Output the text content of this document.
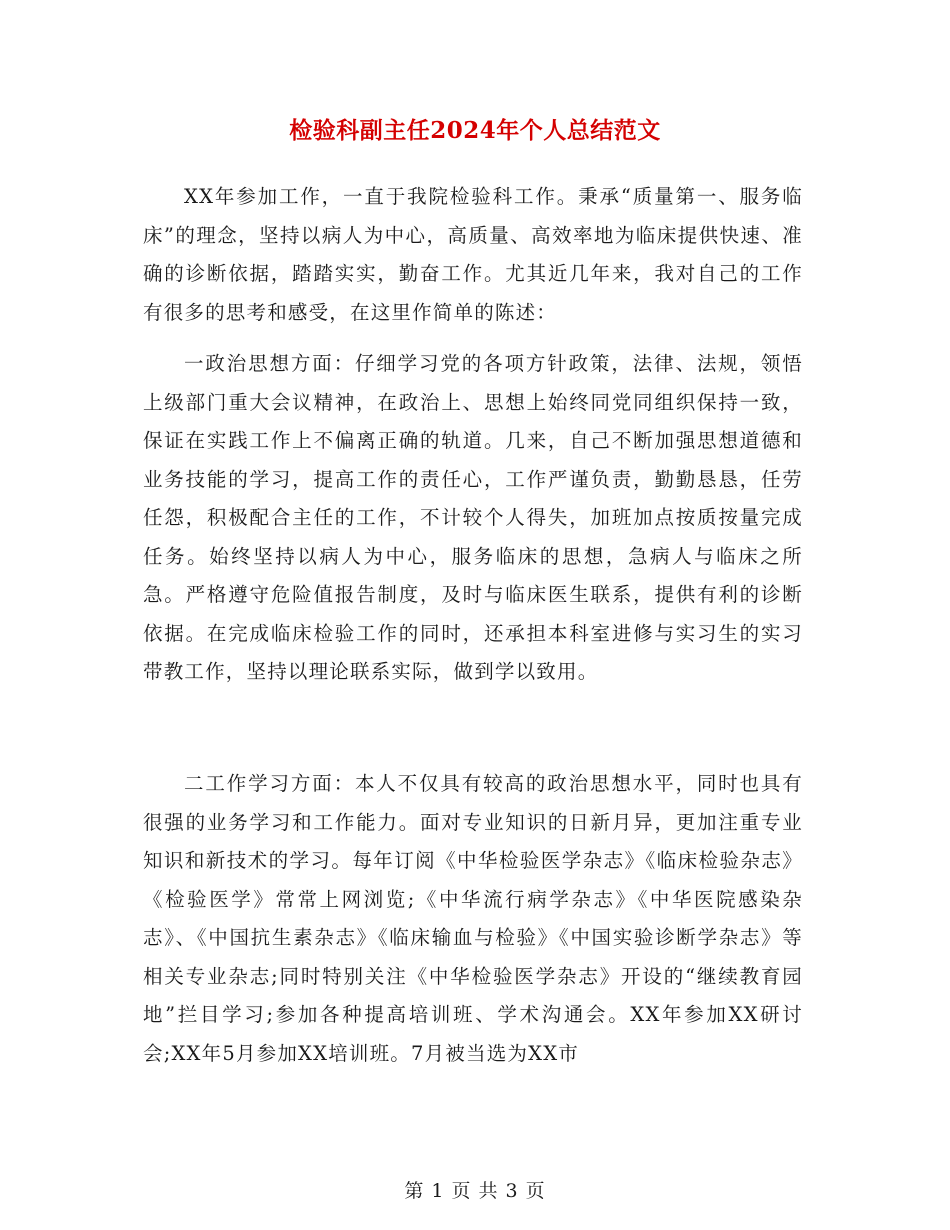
检验科副主任2024年个人总结范文
XX年参加工作，一直于我院检验科工作。秉承“质量第一、服务临床”的理念，坚持以病人为中心，高质量、高效率地为临床提供快速、准确的诊断依据，踏踏实实，勤奋工作。尤其近几年来，我对自己的工作有很多的思考和感受，在这里作简单的陈述：
一政治思想方面：仔细学习党的各项方针政策，法律、法规，领悟上级部门重大会议精神，在政治上、思想上始终同党同组织保持一致，保证在实践工作上不偏离正确的轨道。几来，自己不断加强思想道德和业务技能的学习，提高工作的责任心，工作严谨负责，勤勤恳恳，任劳任怨，积极配合主任的工作，不计较个人得失，加班加点按质按量完成任务。始终坚持以病人为中心，服务临床的思想，急病人与临床之所急。严格遵守危险值报告制度，及时与临床医生联系，提供有利的诊断依据。在完成临床检验工作的同时，还承担本科室进修与实习生的实习带教工作，坚持以理论联系实际，做到学以致用。
二工作学习方面：本人不仅具有较高的政治思想水平，同时也具有很强的业务学习和工作能力。面对专业知识的日新月异，更加注重专业知识和新技术的学习。每年订阅《中华检验医学杂志》《临床检验杂志》《检验医学》常常上网浏览;《中华流行病学杂志》《中华医院感染杂志》、《中国抗生素杂志》《临床输血与检验》《中国实验诊断学杂志》等相关专业杂志;同时特别关注《中华检验医学杂志》开设的“继续教育园地”拦目学习;参加各种提高培训班、学术沟通会。XX年参加XX研讨会;XX年5月参加XX培训班。7月被当选为XX市
第 1 页 共 3 页
